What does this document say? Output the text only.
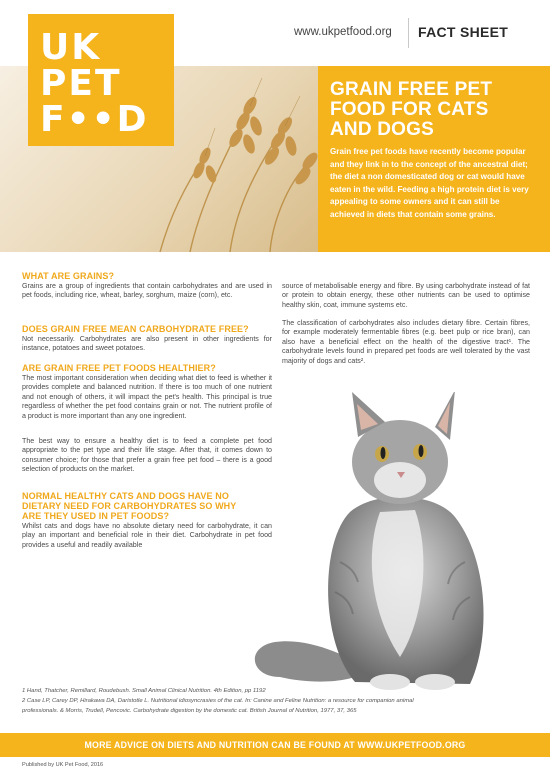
www.ukpetfood.org FACT SHEET
UK
PET
F••D
GRAIN FREE PET
FOOD FOR CATS
AND DOGS
Grain free pet foods have recently become popular and they link in to the concept of the ancestral diet; the diet a non domesticated dog or cat would have eaten in the wild. Feeding a high protein diet is very appealing to some owners and it can still be achieved in diets that contain some grains.
WHAT ARE GRAINS?
Grains are a group of ingredients that contain carbohydrates and are used in pet foods, including rice, wheat, barley, sorghum, maize (corn), etc.
DOES GRAIN FREE MEAN CARBOHYDRATE FREE?
Not necessarily. Carbohydrates are also present in other ingredients for instance, potatoes and sweet potatoes.
ARE GRAIN FREE PET FOODS HEALTHIER?
The most important consideration when deciding what diet to feed is whether it provides complete and balanced nutrition. If there is too much of one nutrient and not enough of others, it will impact the pet's health. This principal is true regardless of whether the pet food contains grain or not. The nutrient profile of a product is more important than any one ingredient.
The best way to ensure a healthy diet is to feed a complete pet food appropriate to the pet type and their life stage. After that, it comes down to consumer choice; for those that prefer a grain free pet food – there is a good selection of products on the market.
NORMAL HEALTHY CATS AND DOGS HAVE NO
DIETARY NEED FOR CARBOHYDRATES SO WHY
ARE THEY USED IN PET FOODS?
Whilst cats and dogs have no absolute dietary need for carbohydrate, it can play an important and beneficial role in their diet. Carbohydrate in pet food provides a useful and readily available
source of metabolisable energy and fibre. By using carbohydrate instead of fat or protein to obtain energy, these other nutrients can be used to optimise healthy skin, coat, immune systems etc.
The classification of carbohydrates also includes dietary fibre. Certain fibres, for example moderately fermentable fibres (e.g. beet pulp or rice bran), can also have a beneficial effect on the health of the digestive tract¹. The carbohydrate levels found in prepared pet foods are well tolerated by the vast majority of dogs and cats².
1 Hand, Thatcher, Remillard, Roudebush. Small Animal Clinical Nutrition. 4th Edition, pp 1192
2 Case LP, Carey DP, Hirakawa DA, Daristotle L. Nutritional idiosyncrasies of the cat. In: Canine and Feline Nutrition: a resource for companion animal
professionals. & Morris, Trudell, Pencovic. Carbohydrate digestion by the domestic cat. British Journal of Nutrition, 1977, 37, 365
MORE ADVICE ON DIETS AND NUTRITION CAN BE FOUND AT WWW.UKPETFOOD.ORG
Published by UK Pet Food, 2016
